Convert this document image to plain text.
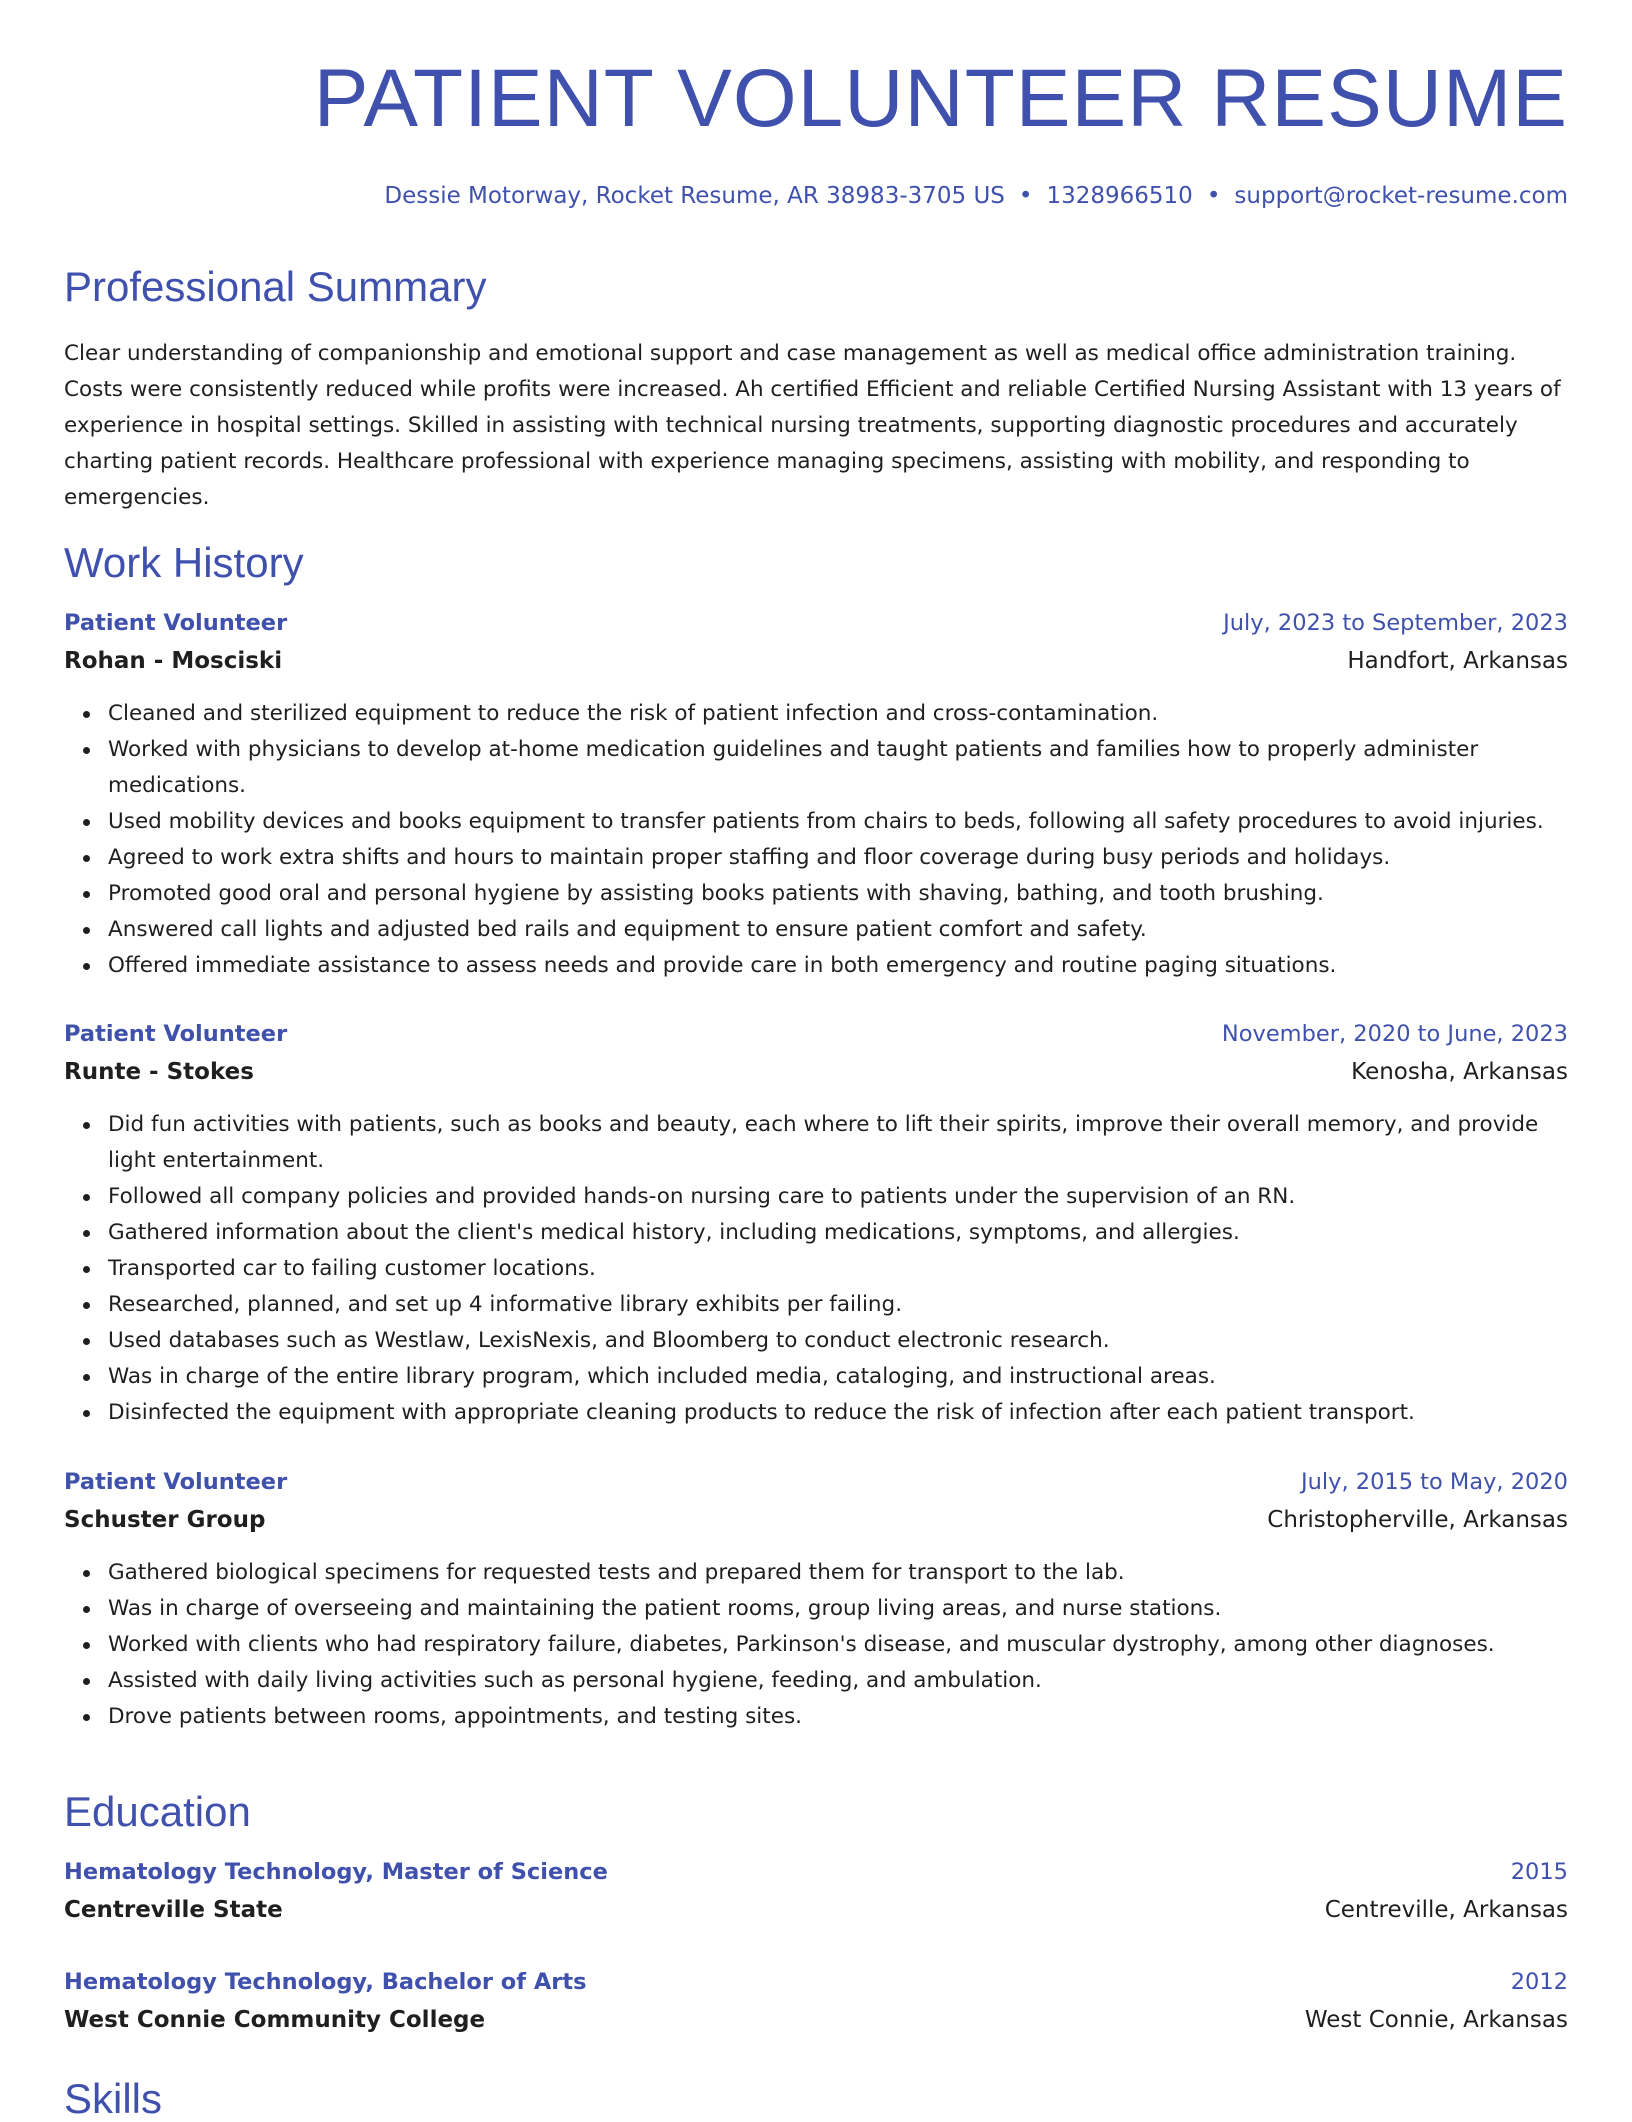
PATIENT VOLUNTEER RESUME
Dessie Motorway, Rocket Resume, AR 38983-3705 US • 1328966510 • support@rocket-resume.com
Professional Summary

Clear understanding of companionship and emotional support and case management as well as medical office administration training. Costs were consistently reduced while profits were increased. Ah certified Efficient and reliable Certified Nursing Assistant with 13 years of experience in hospital settings. Skilled in assisting with technical nursing treatments, supporting diagnostic procedures and accurately charting patient records. Healthcare professional with experience managing specimens, assisting with mobility, and responding to emergencies.

Work History
Patient Volunteer	July, 2023 to September, 2023
Rohan - Mosciski	Handfort, Arkansas
Cleaned and sterilized equipment to reduce the risk of patient infection and cross-contamination.
Worked with physicians to develop at-home medication guidelines and taught patients and families how to properly administer medications.
Used mobility devices and books equipment to transfer patients from chairs to beds, following all safety procedures to avoid injuries.
Agreed to work extra shifts and hours to maintain proper staffing and floor coverage during busy periods and holidays.
Promoted good oral and personal hygiene by assisting books patients with shaving, bathing, and tooth brushing.
Answered call lights and adjusted bed rails and equipment to ensure patient comfort and safety.
Offered immediate assistance to assess needs and provide care in both emergency and routine paging situations.
Patient Volunteer	November, 2020 to June, 2023
Runte - Stokes	Kenosha, Arkansas
Did fun activities with patients, such as books and beauty, each where to lift their spirits, improve their overall memory, and provide light entertainment.
Followed all company policies and provided hands-on nursing care to patients under the supervision of an RN.
Gathered information about the client's medical history, including medications, symptoms, and allergies.
Transported car to failing customer locations.
Researched, planned, and set up 4 informative library exhibits per failing.
Used databases such as Westlaw, LexisNexis, and Bloomberg to conduct electronic research.
Was in charge of the entire library program, which included media, cataloging, and instructional areas.
Disinfected the equipment with appropriate cleaning products to reduce the risk of infection after each patient transport.
Patient Volunteer	July, 2015 to May, 2020
Schuster Group	Christopherville, Arkansas
Gathered biological specimens for requested tests and prepared them for transport to the lab.
Was in charge of overseeing and maintaining the patient rooms, group living areas, and nurse stations.
Worked with clients who had respiratory failure, diabetes, Parkinson's disease, and muscular dystrophy, among other diagnoses.
Assisted with daily living activities such as personal hygiene, feeding, and ambulation.
Drove patients between rooms, appointments, and testing sites.
Education
Hematology Technology, Master of Science	2015
Centreville State	Centreville, Arkansas
Hematology Technology, Bachelor of Arts	2012
West Connie Community College	West Connie, Arkansas
Skills
